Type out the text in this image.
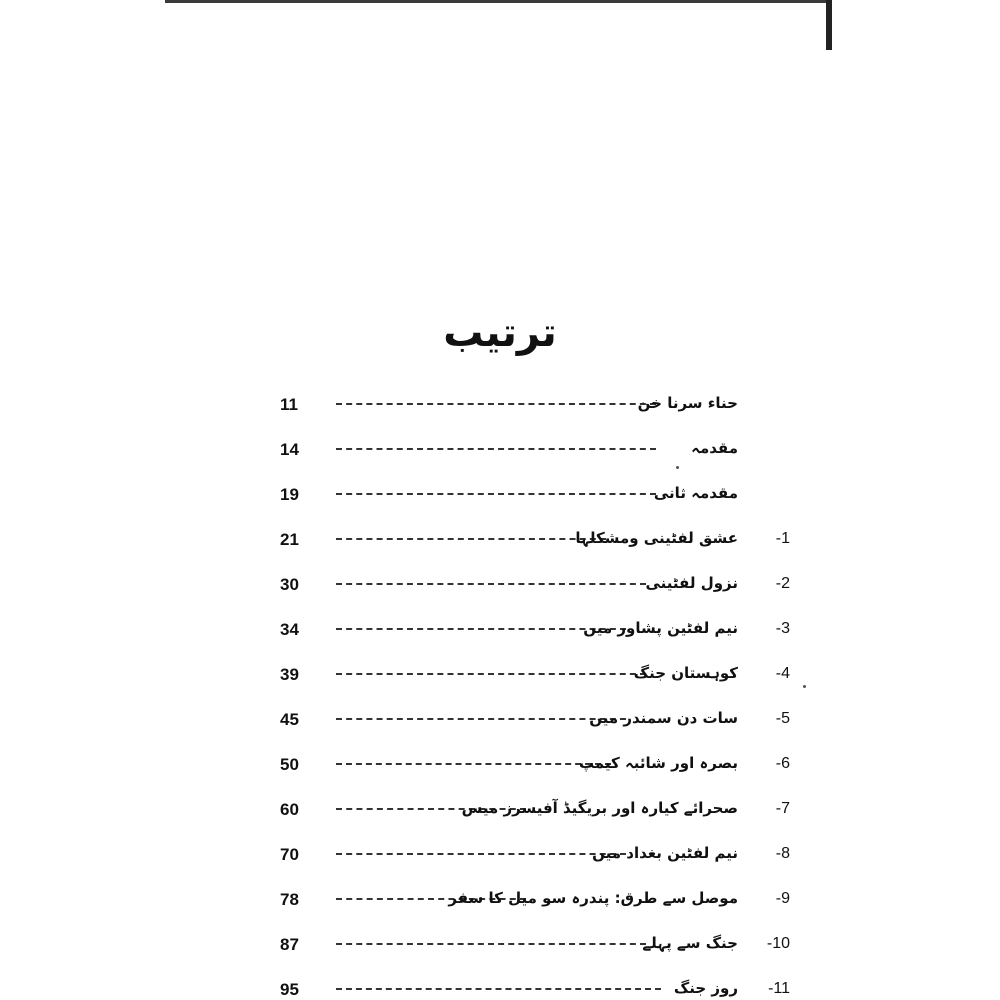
ترتیب
11	حناء سرنا خن
14	مقدمہ
19	مقدمہ ثانی
21	عشق لفٹینی ومشکلہا -1
30	نزول لفٹینی -2
34	نیم لفٹین پشاور میں -3
39	کوہستان جنگ -4
45	سات دن سمندر میں -5
50	بصرہ اور شائبہ کیمپ -6
60	صحرائے کیارہ اور بریگیڈ آفیسرز میس -7
70	نیم لفٹین بغداد میں -8
78	موصل سے طرق: پندرہ سو میل کا سفر -9
87	جنگ سے پہلے -10
95	روز جنگ -11
